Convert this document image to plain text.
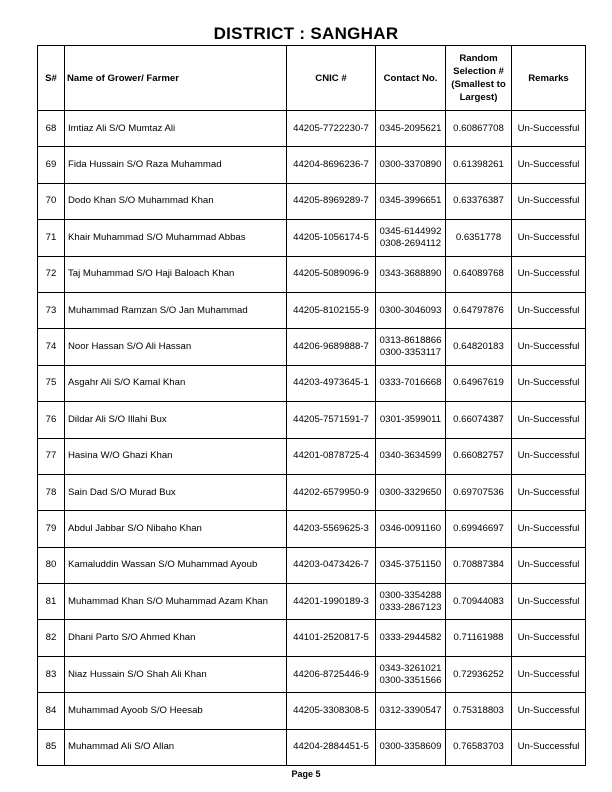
DISTRICT : SANGHAR
S#	Name of Grower/ Farmer	CNIC #	Contact No.	Random Selection # (Smallest to Largest)	Remarks
68	Imtiaz Ali S/O Mumtaz Ali	44205-7722230-7	0345-2095621	0.60867708	Un-Successful
69	Fida Hussain S/O Raza Muhammad	44204-8696236-7	0300-3370890	0.61398261	Un-Successful
70	Dodo Khan S/O Muhammad Khan	44205-8969289-7	0345-3996651	0.63376387	Un-Successful
71	Khair Muhammad S/O Muhammad Abbas	44205-1056174-5	0345-6144992
0308-2694112	0.6351778	Un-Successful
72	Taj Muhammad S/O Haji Baloach Khan	44205-5089096-9	0343-3688890	0.64089768	Un-Successful
73	Muhammad Ramzan S/O Jan Muhammad	44205-8102155-9	0300-3046093	0.64797876	Un-Successful
74	Noor Hassan S/O Ali Hassan	44206-9689888-7	0313-8618866
0300-3353117	0.64820183	Un-Successful
75	Asgahr Ali S/O Kamal Khan	44203-4973645-1	0333-7016668	0.64967619	Un-Successful
76	Dildar Ali S/O Illahi Bux	44205-7571591-7	0301-3599011	0.66074387	Un-Successful
77	Hasina W/O Ghazi Khan	44201-0878725-4	0340-3634599	0.66082757	Un-Successful
78	Sain Dad S/O Murad Bux	44202-6579950-9	0300-3329650	0.69707536	Un-Successful
79	Abdul Jabbar S/O Nibaho Khan	44203-5569625-3	0346-0091160	0.69946697	Un-Successful
80	Kamaluddin Wassan S/O Muhammad Ayoub	44203-0473426-7	0345-3751150	0.70887384	Un-Successful
81	Muhammad Khan S/O Muhammad Azam Khan	44201-1990189-3	0300-3354288
0333-2867123	0.70944083	Un-Successful
82	Dhani Parto S/O Ahmed Khan	44101-2520817-5	0333-2944582	0.71161988	Un-Successful
83	Niaz Hussain S/O Shah Ali Khan	44206-8725446-9	0343-3261021
0300-3351566	0.72936252	Un-Successful
84	Muhammad Ayoob S/O Heesab	44205-3308308-5	0312-3390547	0.75318803	Un-Successful
85	Muhammad Ali S/O Allan	44204-2884451-5	0300-3358609	0.76583703	Un-Successful
Page 5
